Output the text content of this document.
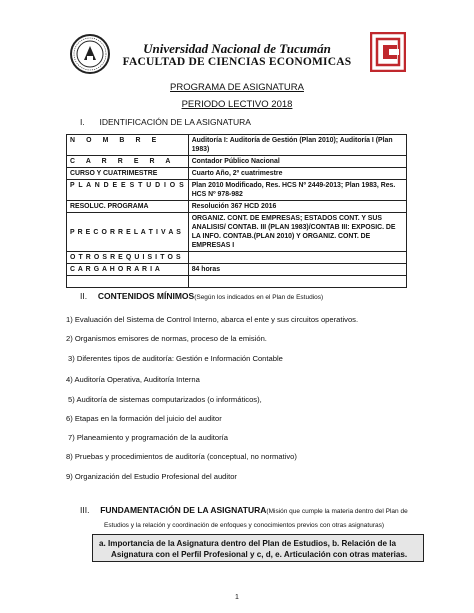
Universidad Nacional de Tucumán
FACULTAD DE CIENCIAS ECONOMICAS
PROGRAMA DE ASIGNATURA
PERIODO LECTIVO 2018
I. IDENTIFICACIÓN DE LA ASIGNATURA
N O M B R E	Auditoría I: Auditoría de Gestión (Plan 2010); Auditoría I (Plan 1983)
C A R R E R A	Contador Público Nacional
CURSO Y CUATRIMESTRE	Cuarto Año, 2º cuatrimestre
P L A N D E E S T U D I O S	Plan 2010 Modificado, Res. HCS Nº 2449-2013; Plan 1983, Res. HCS Nº 978-982
RESOLUC. PROGRAMA	Resolución 367 HCD 2016
P R E C O R R E L A T I V A S	ORGANIZ. CONT. DE EMPRESAS; ESTADOS CONT. Y SUS ANALISIS/ CONTAB. III (PLAN 1983)/CONTAB III: EXPOSIC. DE LA INFO. CONTAB.(PLAN 2010) Y ORGANIZ. CONT. DE EMPRESAS I
O T R O S R E Q U I S I T O S	
C A R G A H O R A R I A	84 horas

II. CONTENIDOS MÍNIMOS(Según los indicados en el Plan de Estudios)
1) Evaluación del Sistema de Control Interno, abarca el ente y sus circuitos operativos.
2) Organismos emisores de normas, proceso de la emisión.
3) Diferentes tipos de auditoría: Gestión e Información Contable
4) Auditoría Operativa, Auditoría Interna
5) Auditoría de sistemas computarizados (o informáticos),
6) Etapas en la formación del juicio del auditor
7) Planeamiento y programación de la auditoría
8) Pruebas y procedimientos de auditoría (conceptual, no normativo)
9) Organización del Estudio Profesional del auditor
III. FUNDAMENTACIÓN DE LA ASIGNATURA(Misión que cumple la materia dentro del Plan de
Estudios y la relación y coordinación de enfoques y conocimientos previos con otras asignaturas)
a. Importancia de la Asignatura dentro del Plan de Estudios, b. Relación de la
Asignatura con el Perfil Profesional y c, d, e. Articulación con otras materias.
1
